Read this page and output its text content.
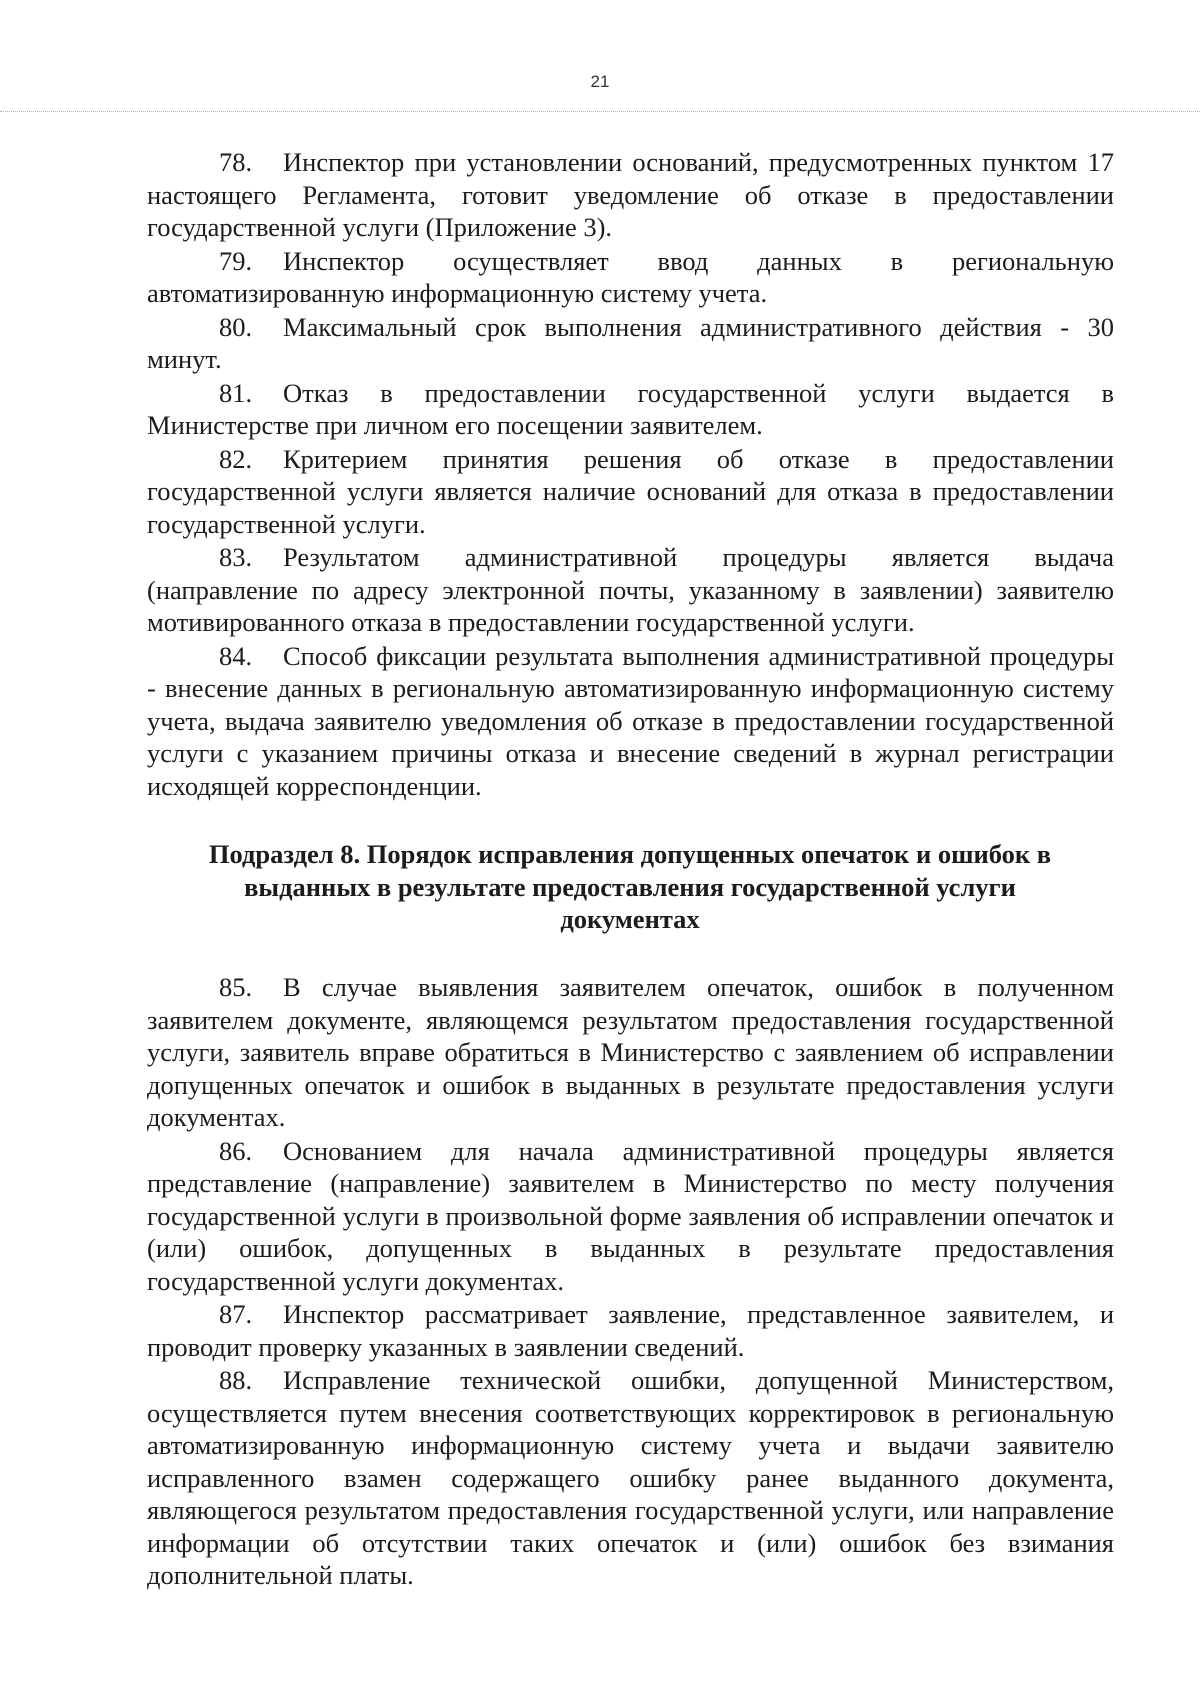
21

78. Инспектор при установлении оснований, предусмотренных пунктом 17 настоящего Регламента, готовит уведомление об отказе в предоставлении государственной услуги (Приложение 3).

79. Инспектор осуществляет ввод данных в региональную автоматизированную информационную систему учета.

80. Максимальный срок выполнения административного действия - 30 минут.

81. Отказ в предоставлении государственной услуги выдается в Министерстве при личном его посещении заявителем.

82. Критерием принятия решения об отказе в предоставлении государственной услуги является наличие оснований для отказа в предоставлении государственной услуги.

83. Результатом административной процедуры является выдача (направление по адресу электронной почты, указанному в заявлении) заявителю мотивированного отказа в предоставлении государственной услуги.

84. Способ фиксации результата выполнения административной процедуры - внесение данных в региональную автоматизированную информационную систему учета, выдача заявителю уведомления об отказе в предоставлении государственной услуги с указанием причины отказа и внесение сведений в журнал регистрации исходящей корреспонденции.

Подраздел 8. Порядок исправления допущенных опечаток и ошибок в
выданных в результате предоставления государственной услуги
документах

85. В случае выявления заявителем опечаток, ошибок в полученном заявителем документе, являющемся результатом предоставления государственной услуги, заявитель вправе обратиться в Министерство с заявлением об исправлении допущенных опечаток и ошибок в выданных в результате предоставления услуги документах.

86. Основанием для начала административной процедуры является представление (направление) заявителем в Министерство по месту получения государственной услуги в произвольной форме заявления об исправлении опечаток и (или) ошибок, допущенных в выданных в результате предоставления государственной услуги документах.

87. Инспектор рассматривает заявление, представленное заявителем, и проводит проверку указанных в заявлении сведений.

88. Исправление технической ошибки, допущенной Министерством, осуществляется путем внесения соответствующих корректировок в региональную автоматизированную информационную систему учета и выдачи заявителю исправленного взамен содержащего ошибку ранее выданного документа, являющегося результатом предоставления государственной услуги, или направление информации об отсутствии таких опечаток и (или) ошибок без взимания дополнительной платы.
